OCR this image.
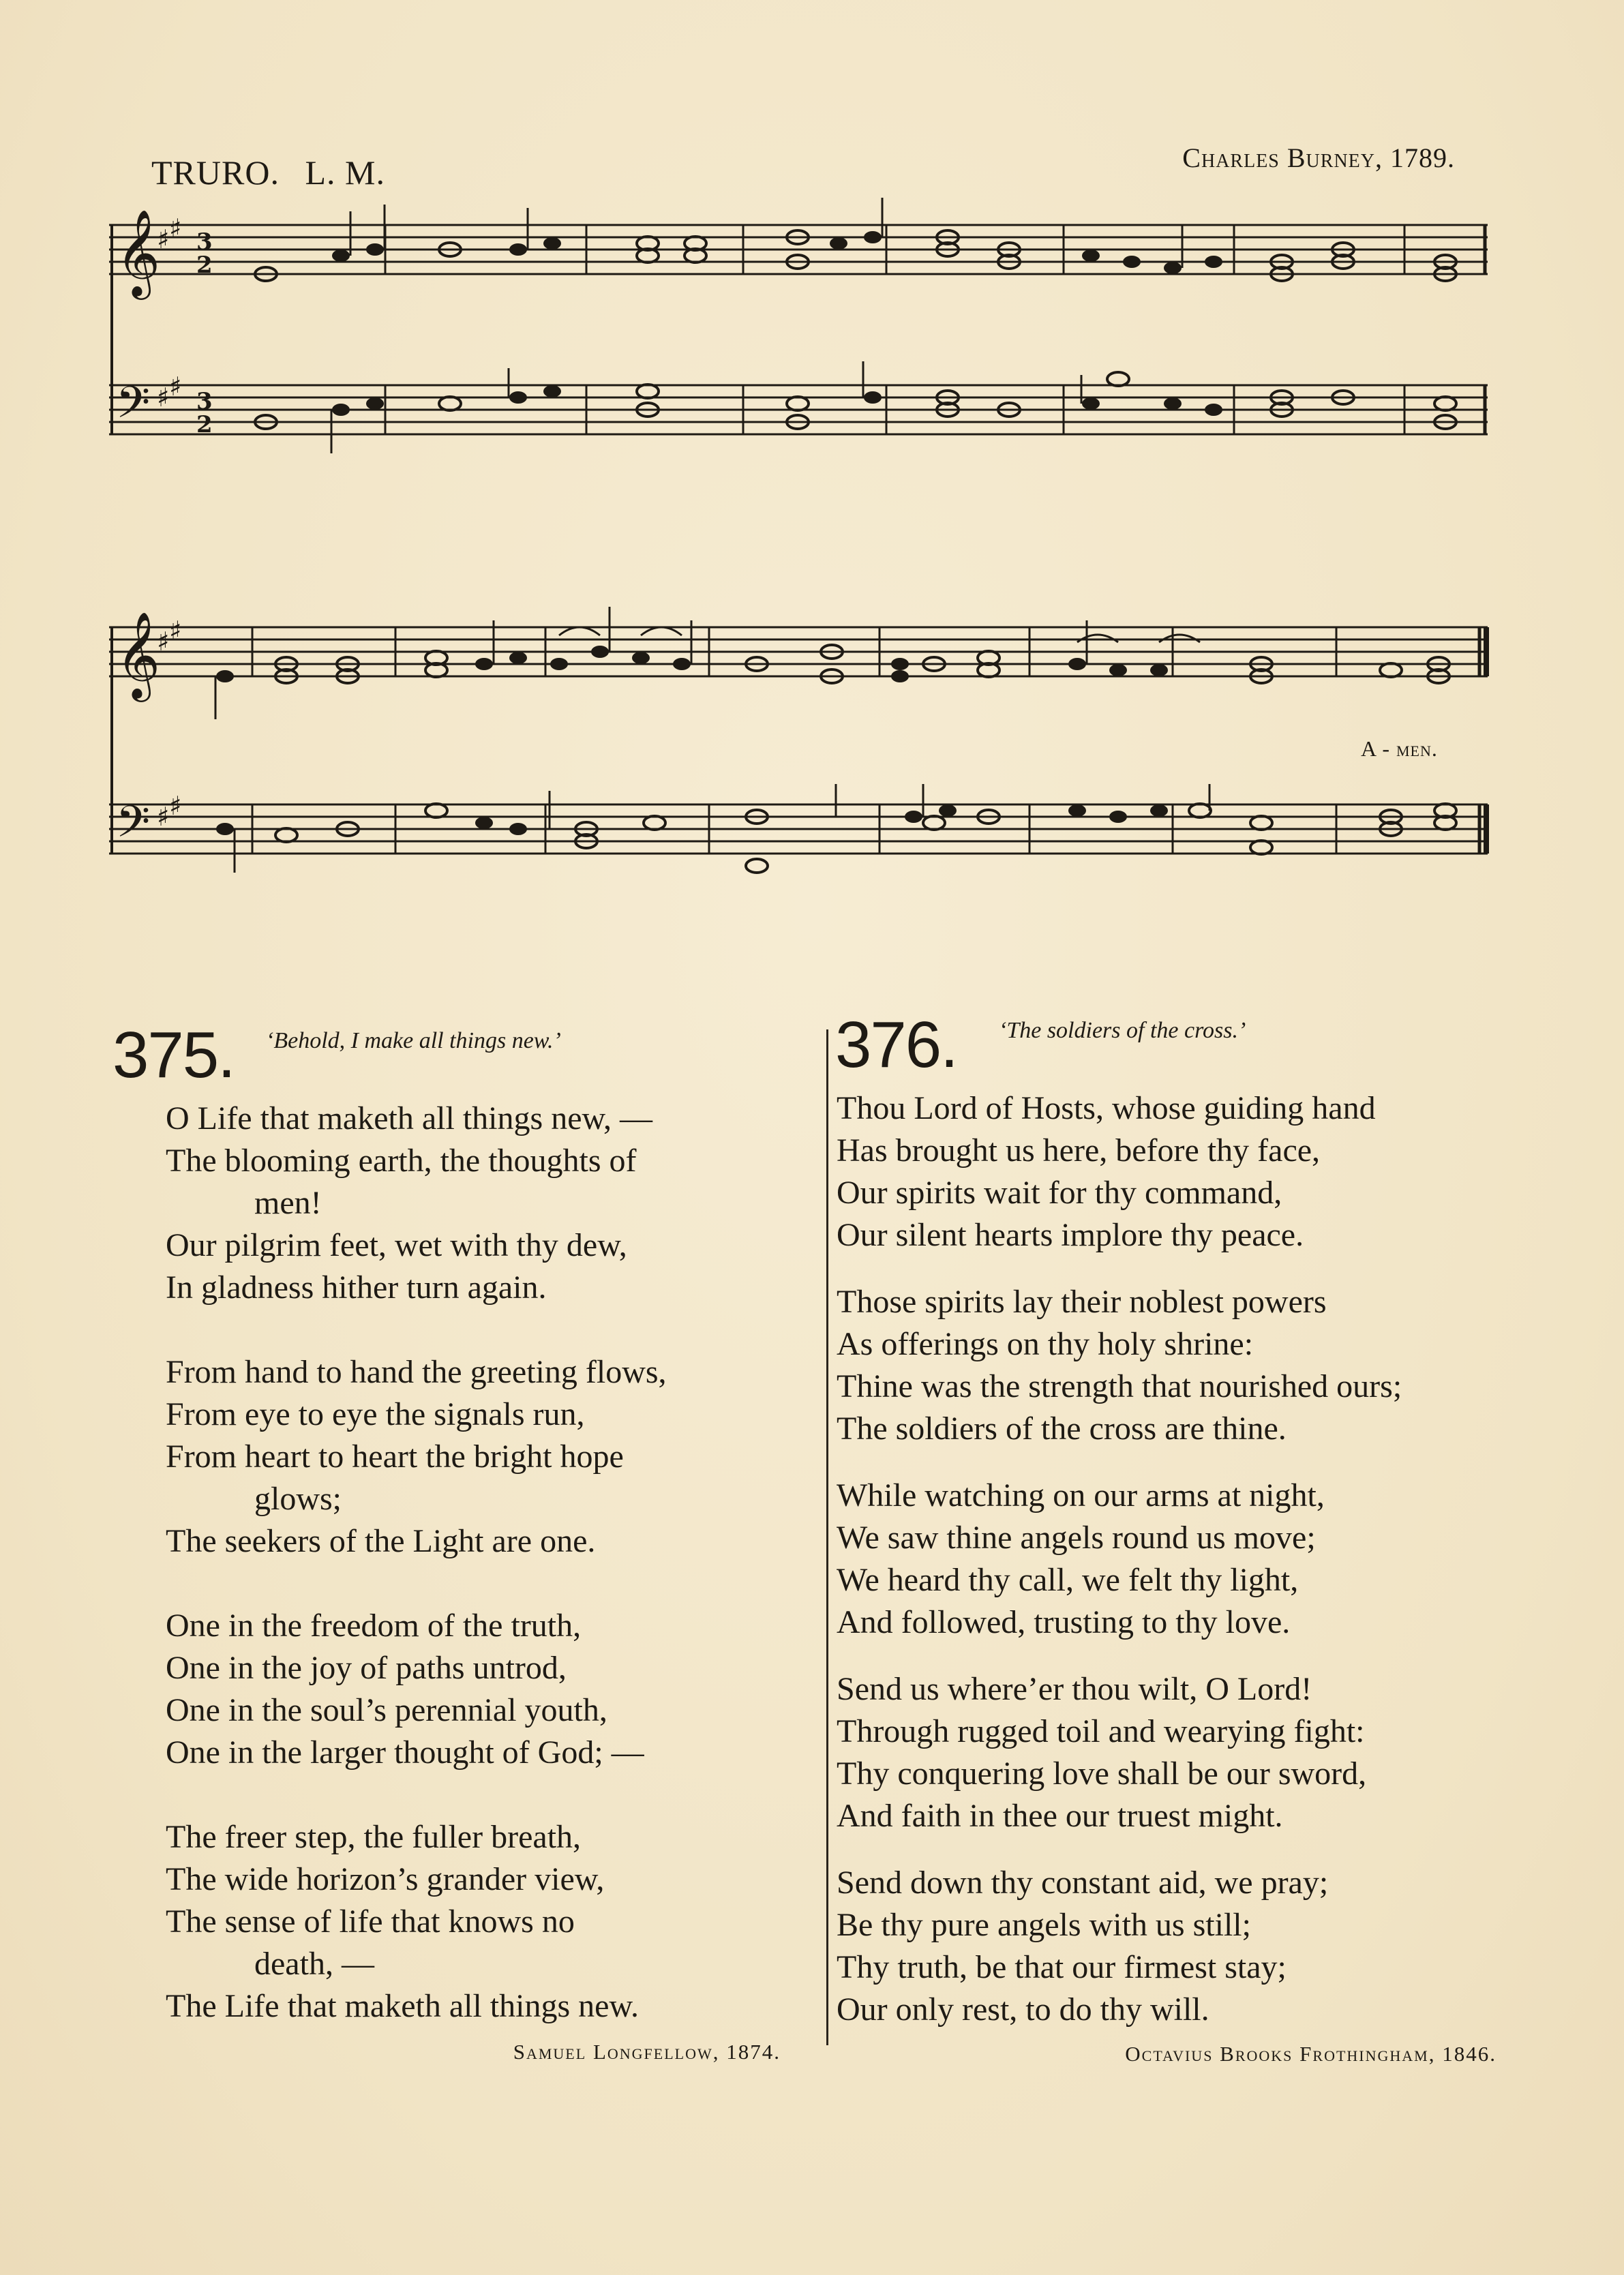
TRURO. L. M.	Charles Burney, 1789.
𝄞
𝄢
♯ ♯
♯ ♯
3
2
3
2
𝄞
𝄢
♯ ♯
♯ ♯
A - men.
375 .	‘ Behold, I make all things new. ’
O Life that maketh all things new, —
The blooming earth, the thoughts of
men!
Our pilgrim feet, wet with thy dew,
In gladness hither turn again.
From hand to hand the greeting flows,
From eye to eye the signals run,
From heart to heart the bright hope
glows;
The seekers of the Light are one.
One in the freedom of the truth,
One in the joy of paths untrod,
One in the soul’s perennial youth,
One in the larger thought of God; —
The freer step, the fuller breath,
The wide horizon’s grander view,
The sense of life that knows no
death, —
The Life that maketh all things new.
Samuel Longfellow, 1874.
376 .	‘ The soldiers of the cross. ’
Thou Lord of Hosts, whose guiding hand
Has brought us here, before thy face,
Our spirits wait for thy command,
Our silent hearts implore thy peace.
Those spirits lay their noblest powers
As offerings on thy holy shrine:
Thine was the strength that nourished ours;
The soldiers of the cross are thine.
While watching on our arms at night,
We saw thine angels round us move;
We heard thy call, we felt thy light,
And followed, trusting to thy love.
Send us where’er thou wilt, O Lord!
Through rugged toil and wearying fight:
Thy conquering love shall be our sword,
And faith in thee our truest might.
Send down thy constant aid, we pray;
Be thy pure angels with us still;
Thy truth, be that our firmest stay;
Our only rest, to do thy will.
Octavius Brooks Frothingham, 1846.
